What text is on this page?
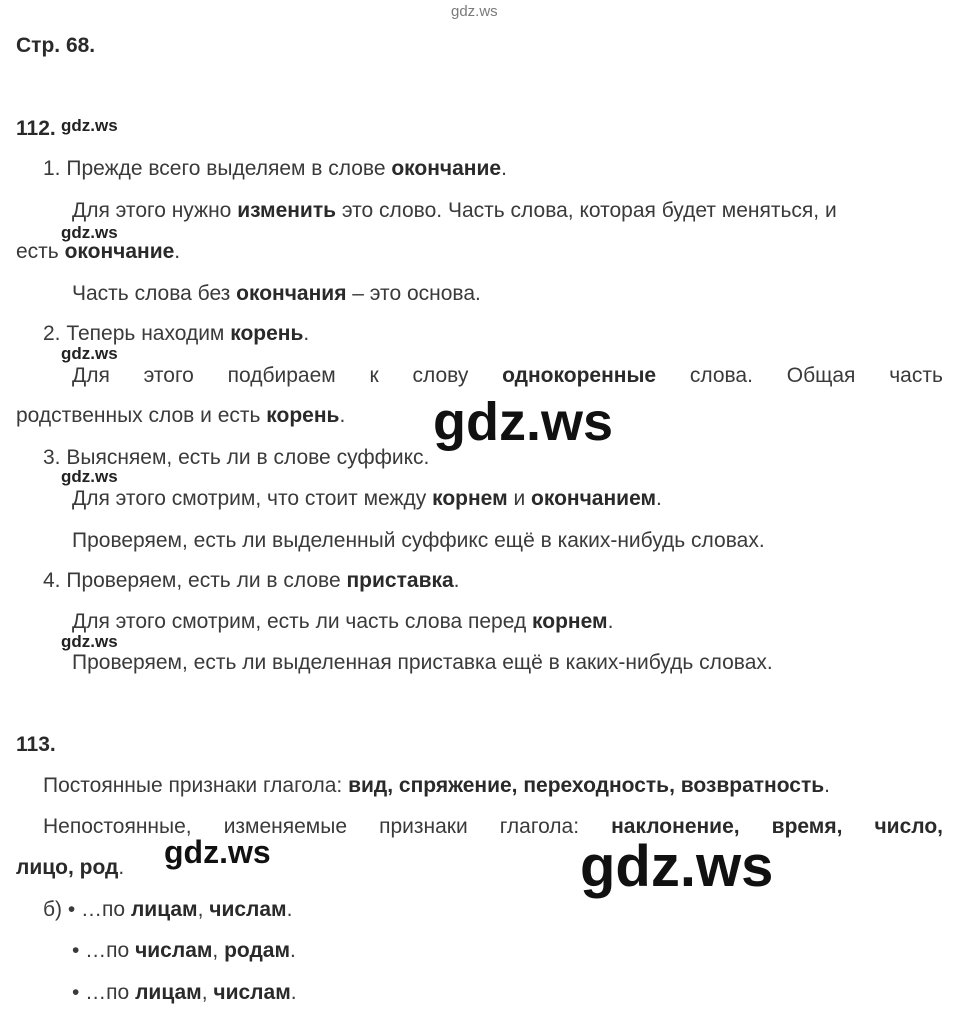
gdz.ws
gdz.ws
gdz.ws
gdz.ws
gdz.ws
gdz.ws
gdz.ws
gdz.ws	gdz.ws
Стр. 68.
112.
1. Прежде всего выделяем в слове окончание.
Для этого нужно изменить это слово. Часть слова, которая будет меняться, и
есть окончание.
Часть слова без окончания – это основа.
2. Теперь находим корень.
Для этого подбираем к слову однокоренные слова. Общая часть
родственных слов и есть корень.
3. Выясняем, есть ли в слове суффикс.
Для этого смотрим, что стоит между корнем и окончанием.
Проверяем, есть ли выделенный суффикс ещё в каких-нибудь словах.
4. Проверяем, есть ли в слове приставка.
Для этого смотрим, есть ли часть слова перед корнем.
Проверяем, есть ли выделенная приставка ещё в каких-нибудь словах.
113.
Постоянные признаки глагола: вид, спряжение, переходность, возвратность.
Непостоянные, изменяемые признаки глагола: наклонение, время, число,
лицо, род.
б) • …по лицам, числам.
• …по числам, родам.
• …по лицам, числам.
